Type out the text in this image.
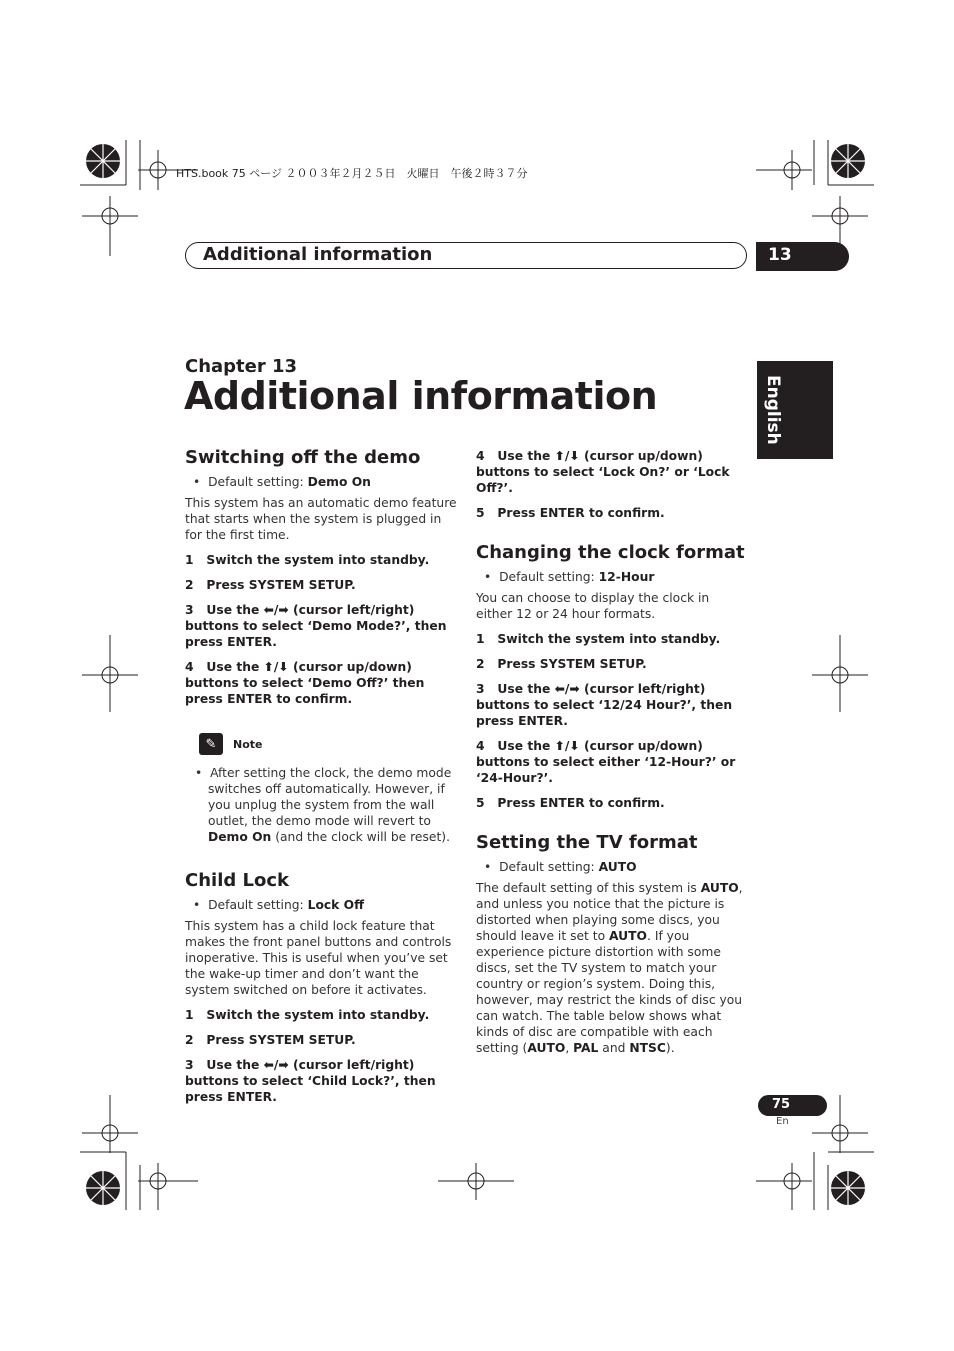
HTS.book 75 ページ ２００３年２月２５日　火曜日　午後２時３７分
Additional information	13
English
Chapter 13
Additional information
Switching off the demo
•  Default setting: Demo On

This system has an automatic demo feature that starts when the system is plugged in for the first time.

1   Switch the system into standby.
2   Press SYSTEM SETUP.
3   Use the ⬅/➡ (cursor left/right) buttons to select ‘Demo Mode?’, then press ENTER.
4   Use the ⬆/⬇ (cursor up/down) buttons to select ‘Demo Off?’ then press ENTER to confirm.
✎	Note

•  After setting the clock, the demo mode switches off automatically. However, if you unplug the system from the wall outlet, the demo mode will revert to Demo On (and the clock will be reset).

Child Lock
•  Default setting: Lock Off

This system has a child lock feature that makes the front panel buttons and controls inoperative. This is useful when you’ve set the wake-up timer and don’t want the system switched on before it activates.

1   Switch the system into standby.
2   Press SYSTEM SETUP.
3   Use the ⬅/➡ (cursor left/right) buttons to select ‘Child Lock?’, then press ENTER.
4   Use the ⬆/⬇ (cursor up/down) buttons to select ‘Lock On?’ or ‘Lock Off?’.
5   Press ENTER to confirm.
Changing the clock format
•  Default setting: 12-Hour

You can choose to display the clock in either 12 or 24 hour formats.

1   Switch the system into standby.
2   Press SYSTEM SETUP.
3   Use the ⬅/➡ (cursor left/right) buttons to select ‘12/24 Hour?’, then press ENTER.
4   Use the ⬆/⬇ (cursor up/down) buttons to select either ‘12-Hour?’ or ‘24-Hour?’.
5   Press ENTER to confirm.
Setting the TV format
•  Default setting: AUTO

The default setting of this system is AUTO, and unless you notice that the picture is distorted when playing some discs, you should leave it set to AUTO. If you experience picture distortion with some discs, set the TV system to match your country or region’s system. Doing this, however, may restrict the kinds of disc you can watch. The table below shows what kinds of disc are compatible with each setting (AUTO, PAL and NTSC).

75
En
